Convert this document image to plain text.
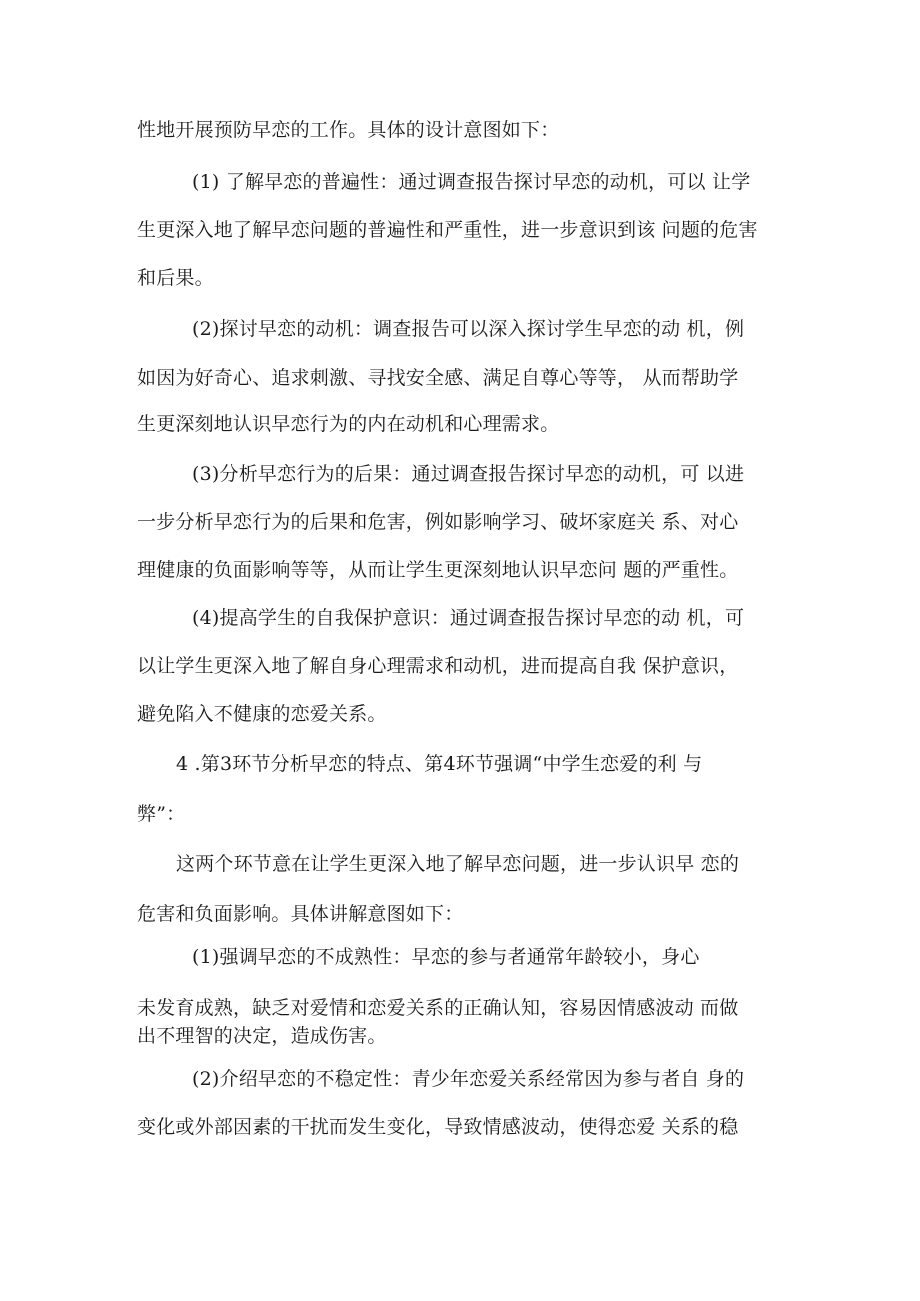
性地开展预防早恋的工作。具体的设计意图如下：
(1) 了解早恋的普遍性：通过调查报告探讨早恋的动机，可以 让学
生更深入地了解早恋问题的普遍性和严重性，进一步意识到该 问题的危害
和后果。
(2)探讨早恋的动机：调查报告可以深入探讨学生早恋的动 机，例
如因为好奇心、追求刺激、寻找安全感、满足自尊心等等， 从而帮助学
生更深刻地认识早恋行为的内在动机和心理需求。
(3)分析早恋行为的后果：通过调查报告探讨早恋的动机，可 以进
一步分析早恋行为的后果和危害，例如影响学习、破坏家庭关 系、对心
理健康的负面影响等等，从而让学生更深刻地认识早恋问 题的严重性。
(4)提高学生的自我保护意识：通过调查报告探讨早恋的动 机，可
以让学生更深入地了解自身心理需求和动机，进而提高自我 保护意识，
避免陷入不健康的恋爱关系。
4 .第3环节分析早恋的特点、第4环节强调“中学生恋爱的利 与
弊”：
这两个环节意在让学生更深入地了解早恋问题，进一步认识早 恋的
危害和负面影响。具体讲解意图如下：
(1)强调早恋的不成熟性：早恋的参与者通常年龄较小，身心
未发育成熟，缺乏对爱情和恋爱关系的正确认知，容易因情感波动 而做
出不理智的决定，造成伤害。
(2)介绍早恋的不稳定性：青少年恋爱关系经常因为参与者自 身的
变化或外部因素的干扰而发生变化，导致情感波动，使得恋爱 关系的稳
